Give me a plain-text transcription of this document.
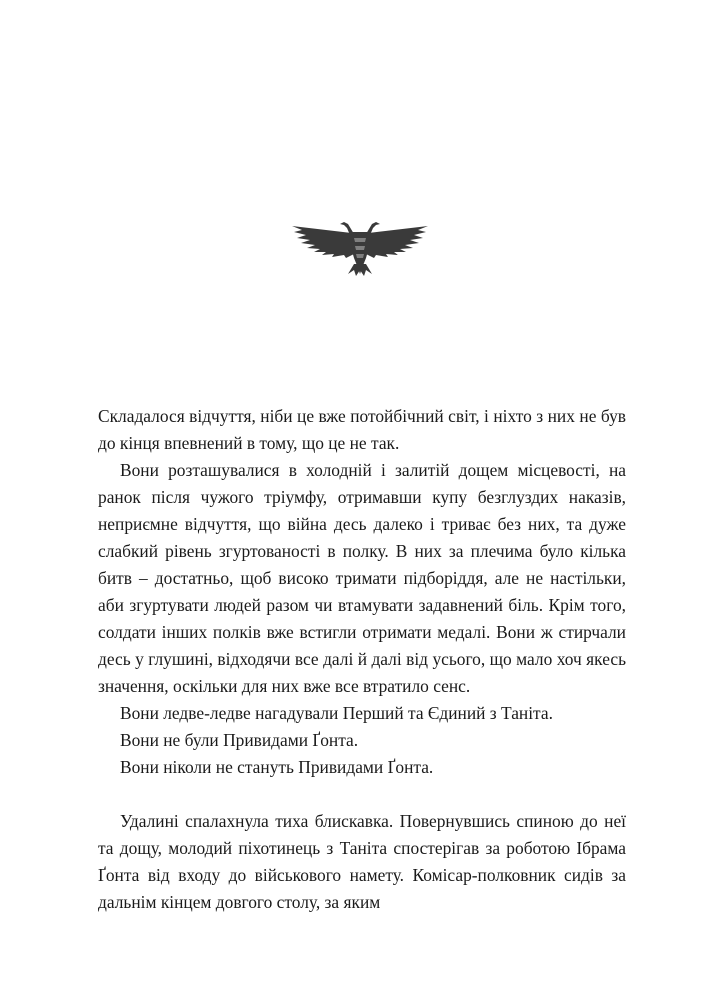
Складалося відчуття, ніби це вже потойбічний світ, і ніхто з них не був до кінця впевнений в тому, що це не так.

Вони розташувалися в холодній і залитій дощем місцевості, на ранок після чужого тріумфу, отримавши купу безглуздих наказів, неприємне відчуття, що війна десь далеко і триває без них, та дуже слабкий рівень згуртованості в полку. В них за плечима було кілька битв – достатньо, щоб високо тримати підборіддя, але не настільки, аби згуртувати людей разом чи втамувати задавнений біль. Крім того, солдати інших полків вже встигли отримати медалі. Вони ж стирчали десь у глушині, відходячи все далі й далі від усього, що мало хоч якесь значення, оскільки для них вже все втратило сенс.

Вони ледве-ледве нагадували Перший та Єдиний з Таніта.

Вони не були Привидами Ґонта.

Вони ніколи не стануть Привидами Ґонта.

Удалині спалахнула тиха блискавка. Повернувшись спиною до неї та дощу, молодий піхотинець з Таніта спостерігав за роботою Ібрама Ґонта від входу до військового намету. Комісар-полковник сидів за дальнім кінцем довгого столу, за яким
